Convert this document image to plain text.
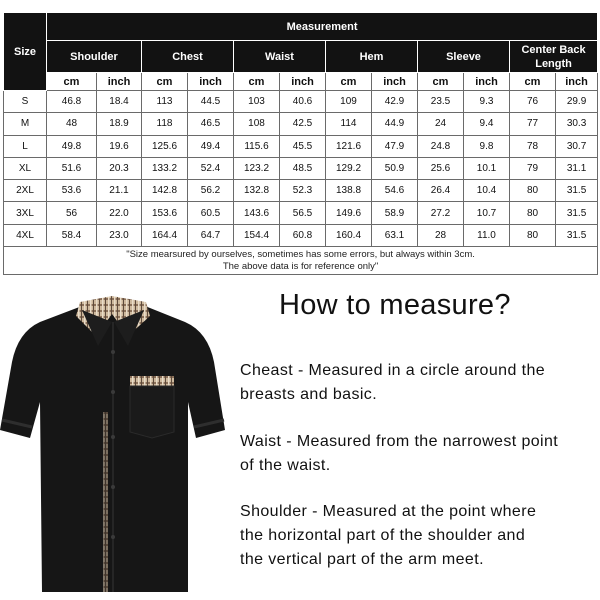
Size	Measurement											
	Shoulder		Chest		Waist		Hem		Sleeve		Center Back Length	
	cm	inch	cm	inch	cm	inch	cm	inch	cm	inch	cm	inch
S	46.8	18.4	113	44.5	103	40.6	109	42.9	23.5	9.3	76	29.9
M	48	18.9	118	46.5	108	42.5	114	44.9	24	9.4	77	30.3
L	49.8	19.6	125.6	49.4	115.6	45.5	121.6	47.9	24.8	9.8	78	30.7
XL	51.6	20.3	133.2	52.4	123.2	48.5	129.2	50.9	25.6	10.1	79	31.1
2XL	53.6	21.1	142.8	56.2	132.8	52.3	138.8	54.6	26.4	10.4	80	31.5
3XL	56	22.0	153.6	60.5	143.6	56.5	149.6	58.9	27.2	10.7	80	31.5
4XL	58.4	23.0	164.4	64.7	154.4	60.8	160.4	63.1	28	11.0	80	31.5

"Size mearsured by ourselves, sometimes has some errors, but always within 3cm.
The above data is for reference only"												
How to measure?
Cheast - Measured in a circle around the
breasts and basic.
Waist - Measured from the narrowest point
of the waist.
Shoulder - Measured at the point where
the horizontal part of the shoulder and
the vertical part of the arm meet.
